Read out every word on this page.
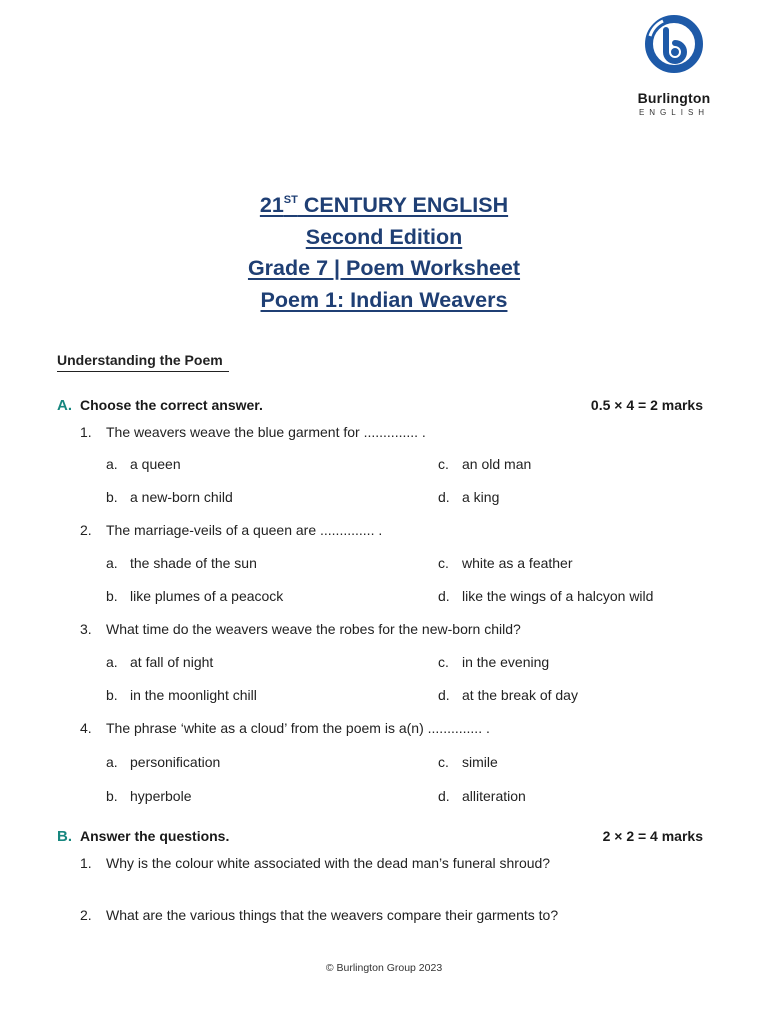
Burlington
ENGLISH
21ST CENTURY ENGLISH
Second Edition
Grade 7 | Poem Worksheet
Poem 1: Indian Weavers
Understanding the Poem
A. Choose the correct answer.	0.5 × 4 = 2 marks
1. The weavers weave the blue garment for .............. .
a. a queen	c. an old man
b. a new-born child	d. a king
2. The marriage-veils of a queen are .............. .
a. the shade of the sun	c. white as a feather
b. like plumes of a peacock	d. like the wings of a halcyon wild
3. What time do the weavers weave the robes for the new-born child?
a. at fall of night	c. in the evening
b. in the moonlight chill	d. at the break of day
4. The phrase ‘white as a cloud’ from the poem is a(n) .............. .
a. personification	c. simile
b. hyperbole	d. alliteration
B. Answer the questions.	2 × 2 = 4 marks
1. Why is the colour white associated with the dead man’s funeral shroud?
2. What are the various things that the weavers compare their garments to?
© Burlington Group 2023
